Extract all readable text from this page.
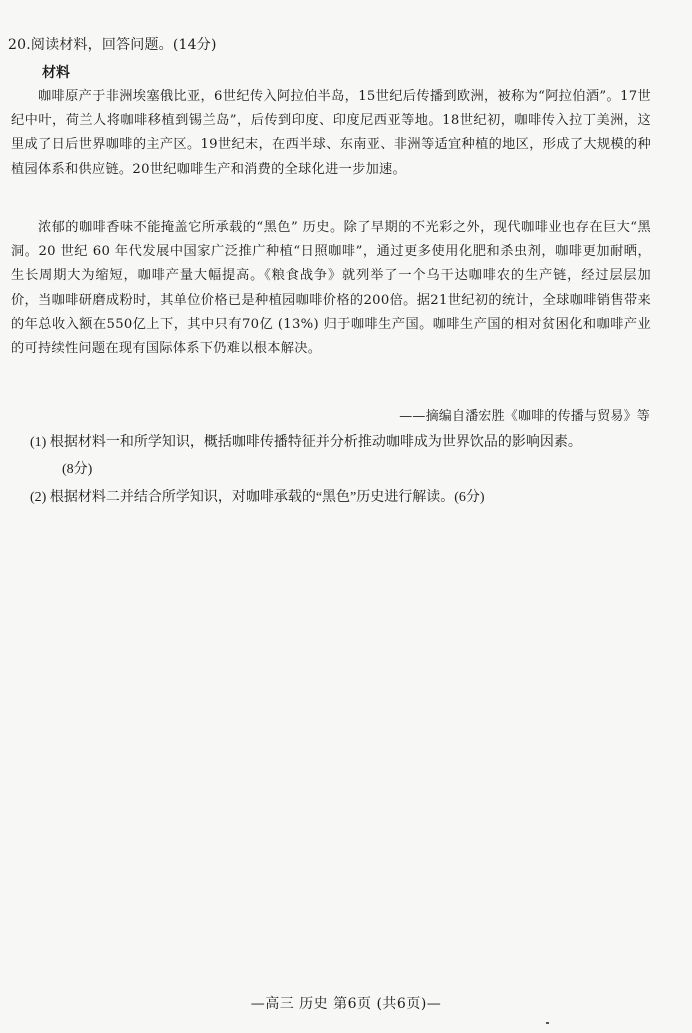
20.阅读材料，回答问题。(14分)
材料

咖啡原产于非洲埃塞俄比亚，6世纪传入阿拉伯半岛，15世纪后传播到欧洲，被称为“阿拉伯酒”。17世纪中叶，荷兰人将咖啡移植到锡兰岛”，后传到印度、印度尼西亚等地。18世纪初，咖啡传入拉丁美洲，这里成了日后世界咖啡的主产区。19世纪末，在西半球、东南亚、非洲等适宜种植的地区，形成了大规模的种植园体系和供应链。20世纪咖啡生产和消费的全球化进一步加速。

浓郁的咖啡香味不能掩盖它所承载的“黑色” 历史。除了早期的不光彩之外，现代咖啡业也存在巨大“黑洞。20 世纪 60 年代发展中国家广泛推广种植“日照咖啡”，通过更多使用化肥和杀虫剂，咖啡更加耐晒，生长周期大为缩短，咖啡产量大幅提高。《粮食战争》就列举了一个乌干达咖啡农的生产链，经过层层加价，当咖啡研磨成粉时，其单位价格已是种植园咖啡价格的200倍。据21世纪初的统计，全球咖啡销售带来的年总收入额在550亿上下，其中只有70亿 (13%) 归于咖啡生产国。咖啡生产国的相对贫困化和咖啡产业的可持续性问题在现有国际体系下仍难以根本解决。

——摘编自潘宏胜《咖啡的传播与贸易》等

(1) 根据材料一和所学知识，概括咖啡传播特征并分析推动咖啡成为世界饮品的影响因素。

(8分)

(2) 根据材料二并结合所学知识，对咖啡承载的“黑色”历史进行解读。(6分)

—高三 历史 第6页 (共6页)—
